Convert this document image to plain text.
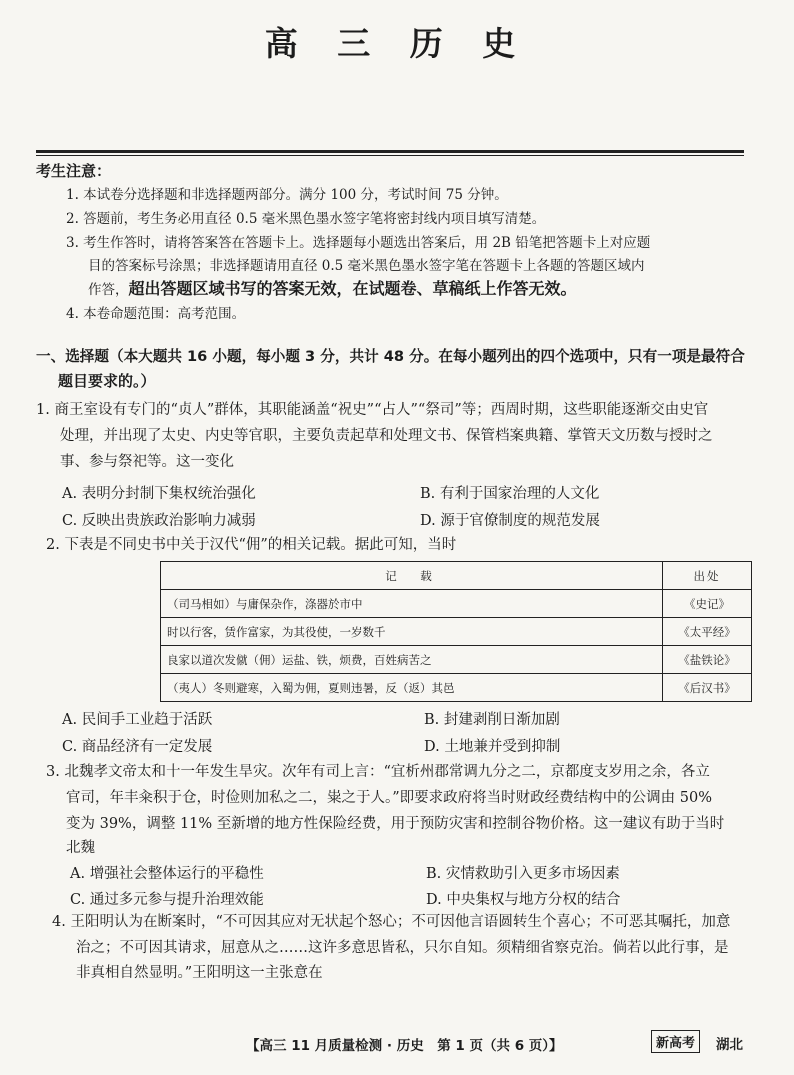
高 三 历 史
考生注意：
1. 本试卷分选择题和非选择题两部分。满分 100 分，考试时间 75 分钟。
2. 答题前，考生务必用直径 0.5 毫米黑色墨水签字笔将密封线内项目填写清楚。
3. 考生作答时，请将答案答在答题卡上。选择题每小题选出答案后，用 2B 铅笔把答题卡上对应题
目的答案标号涂黑；非选择题请用直径 0.5 毫米黑色墨水签字笔在答题卡上各题的答题区域内
作答，超出答题区域书写的答案无效，在试题卷、草稿纸上作答无效。
4. 本卷命题范围：高考范围。
一、选择题（本大题共 16 小题，每小题 3 分，共计 48 分。在每小题列出的四个选项中，只有一项是最符合
题目要求的。）
1. 商王室设有专门的“贞人”群体，其职能涵盖“祝史”“占人”“祭司”等；西周时期，这些职能逐渐交由史官
处理，并出现了太史、内史等官职，主要负责起草和处理文书、保管档案典籍、掌管天文历数与授时之
事、参与祭祀等。这一变化
A. 表明分封制下集权统治强化	B. 有利于国家治理的人文化
C. 反映出贵族政治影响力减弱	D. 源于官僚制度的规范发展
2. 下表是不同史书中关于汉代“佣”的相关记载。据此可知，当时
记　载	出处
（司马相如）与庸保杂作，涤器於市中	《史记》
时以行客，赁作富家，为其役使，一岁数千	《太平经》
良家以道次发僦（佣）运盐、铁，烦费，百姓病苦之	《盐铁论》
（夷人）冬则避寒，入蜀为佣，夏则违暑，反（返）其邑	《后汉书》
A. 民间手工业趋于活跃	B. 封建剥削日渐加剧
C. 商品经济有一定发展	D. 土地兼并受到抑制
3. 北魏孝文帝太和十一年发生旱灾。次年有司上言：“宜析州郡常调九分之二，京都度支岁用之余，各立
官司，年丰籴积于仓，时俭则加私之二，粜之于人。”即要求政府将当时财政经费结构中的公调由 50%
变为 39%，调整 11% 至新增的地方性保险经费，用于预防灾害和控制谷物价格。这一建议有助于当时
北魏
A. 增强社会整体运行的平稳性	B. 灾情救助引入更多市场因素
C. 通过多元参与提升治理效能	D. 中央集权与地方分权的结合
4. 王阳明认为在断案时，“不可因其应对无状起个怒心；不可因他言语圆转生个喜心；不可恶其嘱托，加意
治之；不可因其请求，屈意从之……这许多意思皆私，只尔自知。须精细省察克治。倘若以此行事，是
非真相自然显明。”王阳明这一主张意在
【高三 11 月质量检测 · 历史　第 1 页（共 6 页）】	新高考	湖北
